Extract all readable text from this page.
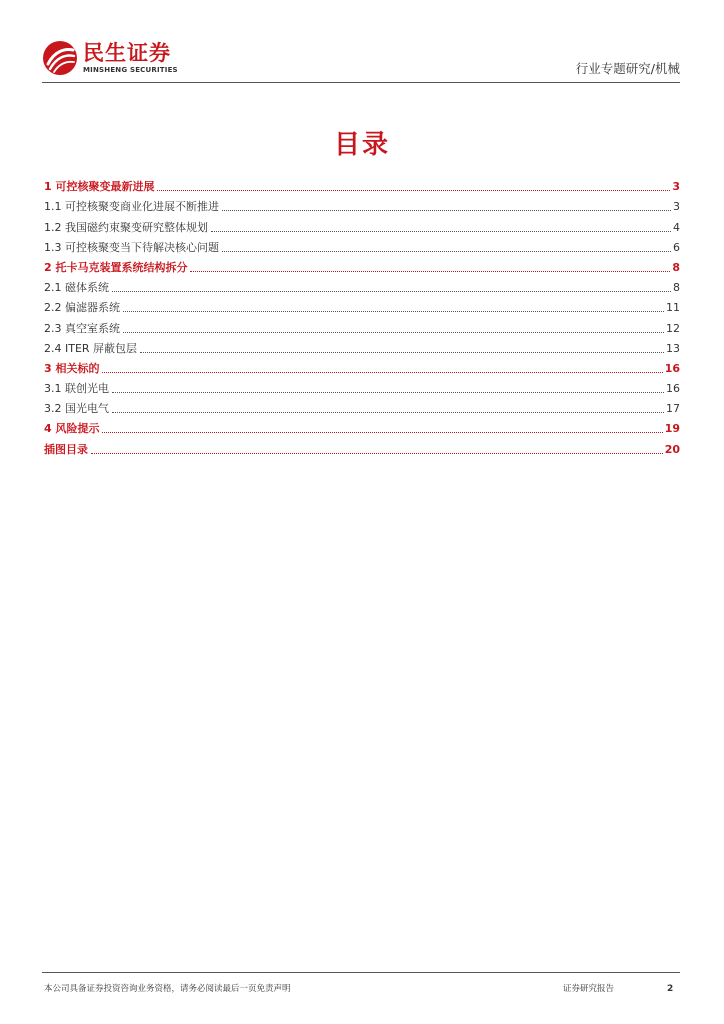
民生证券
MINSHENG SECURITIES	行业专题研究/机械
目录
1 可控核聚变最新进展	3
1.1 可控核聚变商业化进展不断推进	3
1.2 我国磁约束聚变研究整体规划	4
1.3 可控核聚变当下待解决核心问题	6
2 托卡马克装置系统结构拆分	8
2.1 磁体系统	8
2.2 偏滤器系统	11
2.3 真空室系统	12
2.4 ITER 屏蔽包层	13
3 相关标的	16
3.1 联创光电	16
3.2 国光电气	17
4 风险提示	19
插图目录	20
本公司具备证券投资咨询业务资格，请务必阅读最后一页免责声明	证券研究报告	2
